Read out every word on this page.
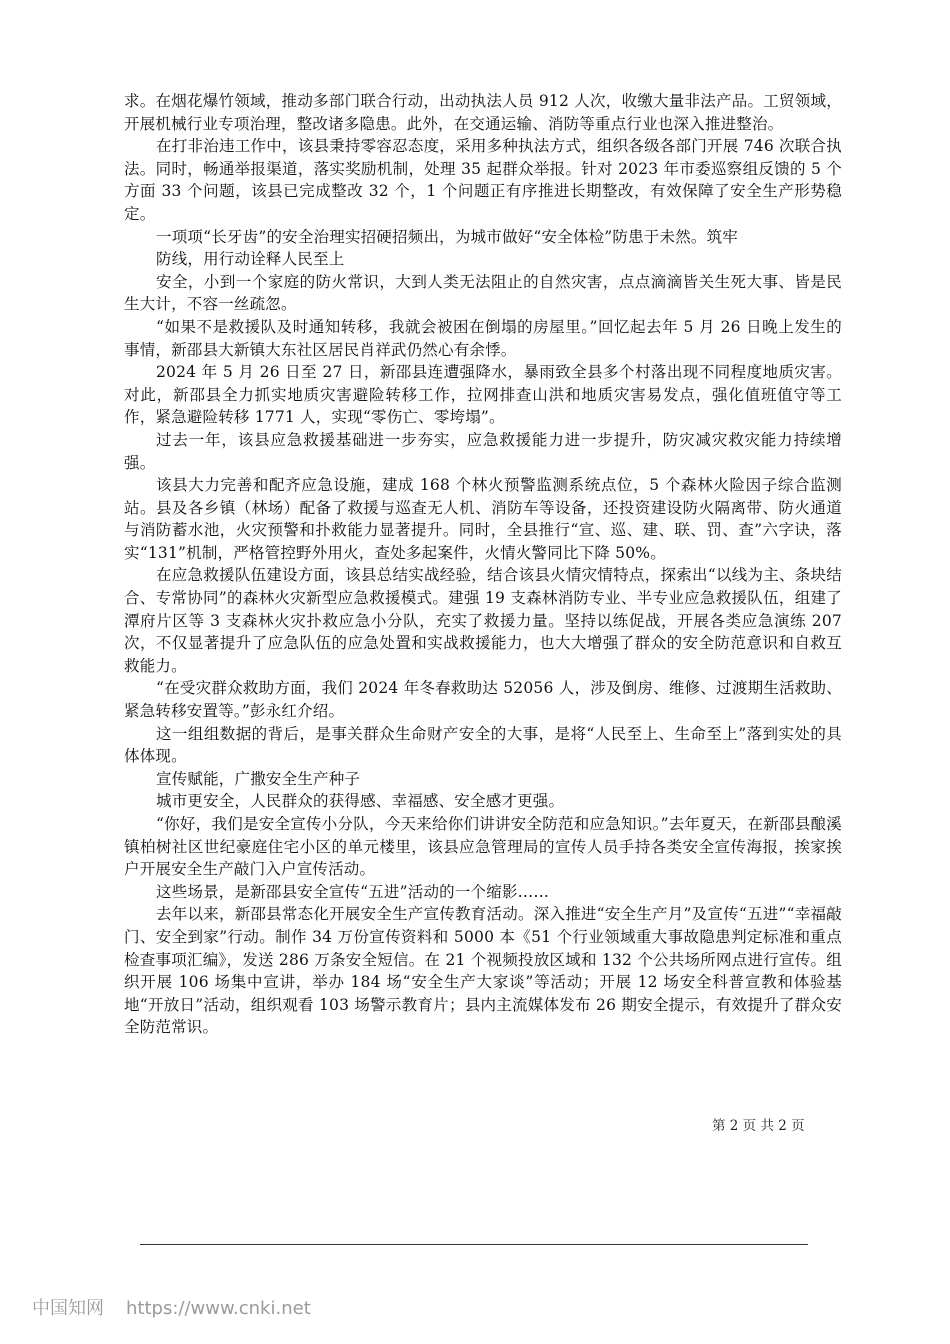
求。在烟花爆竹领域，推动多部门联合行动，出动执法人员 912 人次，收缴大量非法产品。工贸领域，开展机械行业专项治理，整改诸多隐患。此外，在交通运输、消防等重点行业也深入推进整治。

在打非治违工作中，该县秉持零容忍态度，采用多种执法方式，组织各级各部门开展 746 次联合执法。同时，畅通举报渠道，落实奖励机制，处理 35 起群众举报。针对 2023 年市委巡察组反馈的 5 个方面 33 个问题，该县已完成整改 32 个，1 个问题正有序推进长期整改，有效保障了安全生产形势稳定。

一项项“长牙齿”的安全治理实招硬招频出，为城市做好“安全体检”防患于未然。筑牢

防线，用行动诠释人民至上

安全，小到一个家庭的防火常识，大到人类无法阻止的自然灾害，点点滴滴皆关生死大事、皆是民生大计，不容一丝疏忽。

“如果不是救援队及时通知转移，我就会被困在倒塌的房屋里。”回忆起去年 5 月 26 日晚上发生的事情，新邵县大新镇大东社区居民肖祥武仍然心有余悸。

2024 年 5 月 26 日至 27 日，新邵县连遭强降水，暴雨致全县多个村落出现不同程度地质灾害。对此，新邵县全力抓实地质灾害避险转移工作，拉网排查山洪和地质灾害易发点，强化值班值守等工作，紧急避险转移 1771 人，实现“零伤亡、零垮塌”。

过去一年，该县应急救援基础进一步夯实，应急救援能力进一步提升，防灾减灾救灾能力持续增强。

该县大力完善和配齐应急设施，建成 168 个林火预警监测系统点位，5 个森林火险因子综合监测站。县及各乡镇（林场）配备了救援与巡查无人机、消防车等设备，还投资建设防火隔离带、防火通道与消防蓄水池，火灾预警和扑救能力显著提升。同时，全县推行“宣、巡、建、联、罚、查”六字诀，落实“131”机制，严格管控野外用火，查处多起案件，火情火警同比下降 50%。

在应急救援队伍建设方面，该县总结实战经验，结合该县火情灾情特点，探索出“以线为主、条块结合、专常协同”的森林火灾新型应急救援模式。建强 19 支森林消防专业、半专业应急救援队伍，组建了潭府片区等 3 支森林火灾扑救应急小分队，充实了救援力量。坚持以练促战，开展各类应急演练 207 次，不仅显著提升了应急队伍的应急处置和实战救援能力，也大大增强了群众的安全防范意识和自救互救能力。

“在受灾群众救助方面，我们 2024 年冬春救助达 52056 人，涉及倒房、维修、过渡期生活救助、紧急转移安置等。”彭永红介绍。

这一组组数据的背后，是事关群众生命财产安全的大事，是将“人民至上、生命至上”落到实处的具体体现。

宣传赋能，广撒安全生产种子

城市更安全，人民群众的获得感、幸福感、安全感才更强。

“你好，我们是安全宣传小分队，今天来给你们讲讲安全防范和应急知识。”去年夏天，在新邵县酿溪镇柏树社区世纪豪庭住宅小区的单元楼里，该县应急管理局的宣传人员手持各类安全宣传海报，挨家挨户开展安全生产敲门入户宣传活动。

这些场景，是新邵县安全宣传“五进”活动的一个缩影……

去年以来，新邵县常态化开展安全生产宣传教育活动。深入推进“安全生产月”及宣传“五进”“幸福敲门、安全到家”行动。制作 34 万份宣传资料和 5000 本《51 个行业领域重大事故隐患判定标准和重点检查事项汇编》，发送 286 万条安全短信。在 21 个视频投放区域和 132 个公共场所网点进行宣传。组织开展 106 场集中宣讲，举办 184 场“安全生产大家谈”等活动；开展 12 场安全科普宣教和体验基地“开放日”活动，组织观看 103 场警示教育片；县内主流媒体发布 26 期安全提示，有效提升了群众安全防范常识。

第 2 页 共 2 页
中国知网 https://www.cnki.net
